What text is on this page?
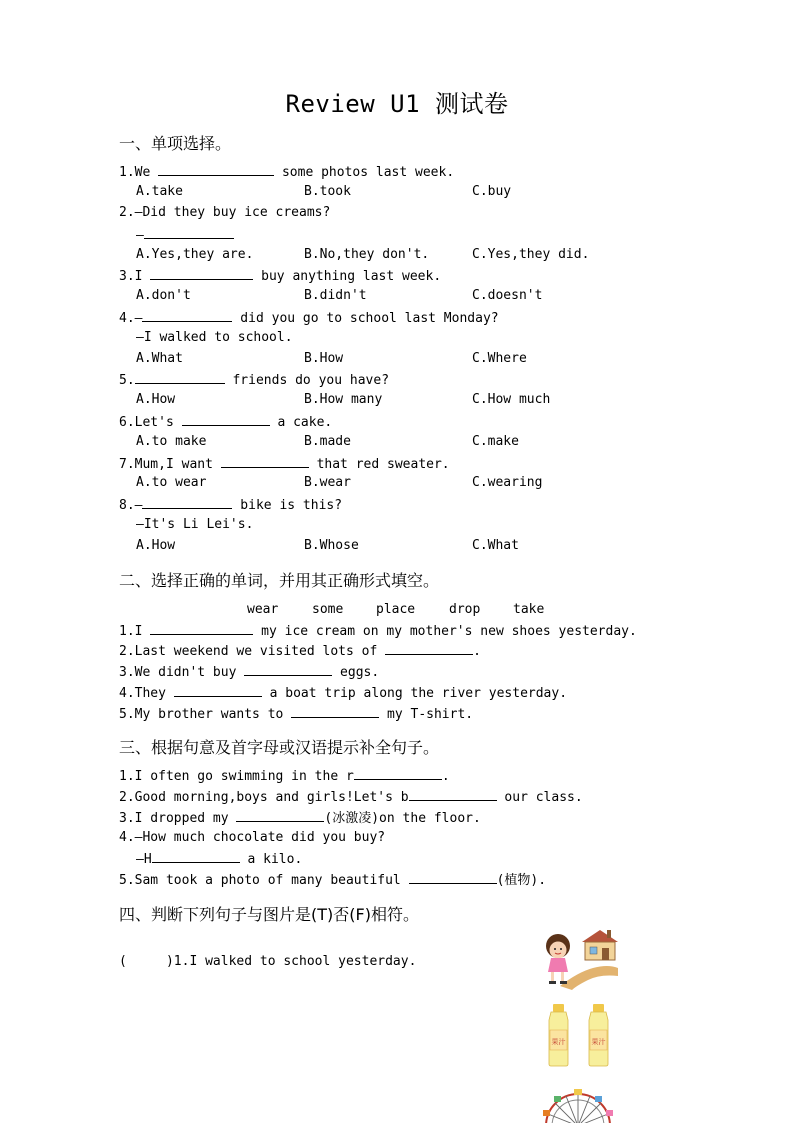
Review U1 测试卷
一、单项选择。
1.We	some photos last week.
A.take	B.took	C.buy
2.—Did they buy ice creams?
—
A.Yes,they are.	B.No,they don't.	C.Yes,they did.
3.I	buy anything last week.
A.don't	B.didn't	C.doesn't
4.—	did you go to school last Monday?
—I walked to school.
A.What	B.How	C.Where
5.	friends do you have?
A.How	B.How many	C.How much
6.Let's	a cake.
A.to make	B.made	C.make
7.Mum,I want	that red sweater.
A.to wear	B.wear	C.wearing
8.—	bike is this?
—It's Li Lei's.
A.How	B.Whose	C.What
二、选择正确的单词，并用其正确形式填空。
wear	some	place	drop	take
1.I	my ice cream on my mother's new shoes yesterday.
2.Last weekend we visited lots of	.
3.We didn't buy	eggs.
4.They	a boat trip along the river yesterday.
5.My brother wants to	my T-shirt.
三、根据句意及首字母或汉语提示补全句子。
1.I often go swimming in the r	.
2.Good morning,boys and girls!Let's b	our class.
3.I dropped my	(冰激凌)on the floor.
4.—How much chocolate did you buy?
—H	a kilo.
5.Sam took a photo of many beautiful	(植物).
四、判断下列句子与图片是(T)否(F)相符。
(     )1.I walked to school yesterday.
果汁	果汁
